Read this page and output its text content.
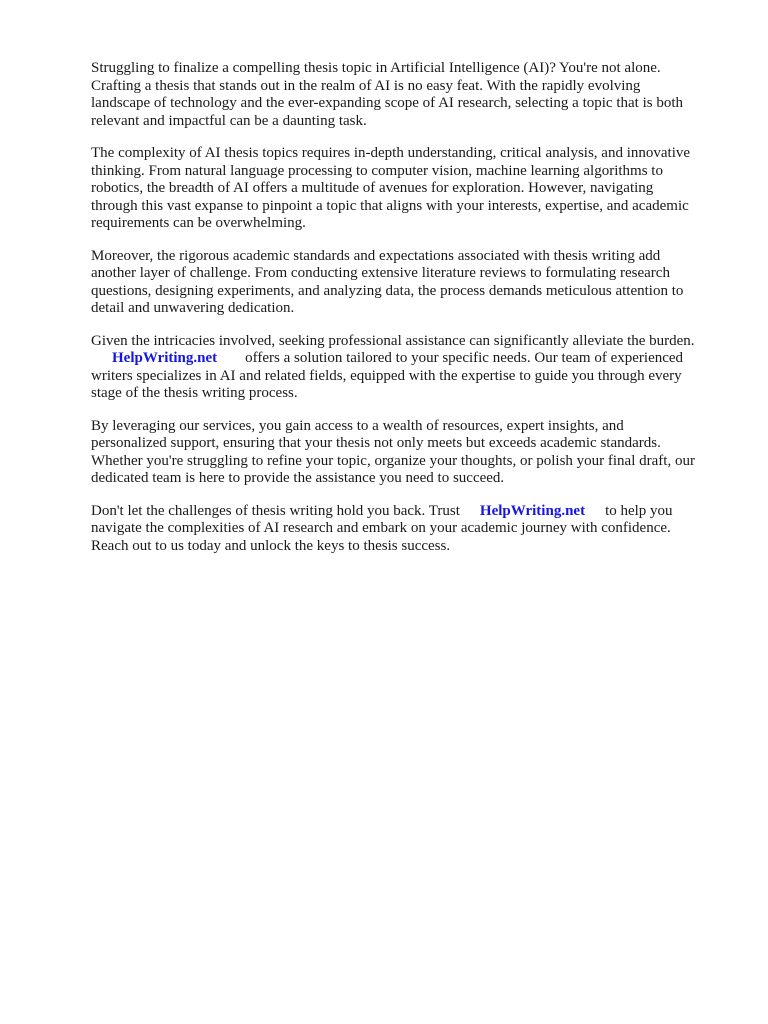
Struggling to finalize a compelling thesis topic in Artificial Intelligence (AI)? You're not alone.
Crafting a thesis that stands out in the realm of AI is no easy feat. With the rapidly evolving
landscape of technology and the ever-expanding scope of AI research, selecting a topic that is both
relevant and impactful can be a daunting task.

The complexity of AI thesis topics requires in-depth understanding, critical analysis, and innovative
thinking. From natural language processing to computer vision, machine learning algorithms to
robotics, the breadth of AI offers a multitude of avenues for exploration. However, navigating
through this vast expanse to pinpoint a topic that aligns with your interests, expertise, and academic
requirements can be overwhelming.

Moreover, the rigorous academic standards and expectations associated with thesis writing add
another layer of challenge. From conducting extensive literature reviews to formulating research
questions, designing experiments, and analyzing data, the process demands meticulous attention to
detail and unwavering dedication.

Given the intricacies involved, seeking professional assistance can significantly alleviate the burden.
HelpWriting.net offers a solution tailored to your specific needs. Our team of experienced
writers specializes in AI and related fields, equipped with the expertise to guide you through every
stage of the thesis writing process.

By leveraging our services, you gain access to a wealth of resources, expert insights, and
personalized support, ensuring that your thesis not only meets but exceeds academic standards.
Whether you're struggling to refine your topic, organize your thoughts, or polish your final draft, our
dedicated team is here to provide the assistance you need to succeed.

Don't let the challenges of thesis writing hold you back. Trust HelpWriting.net to help you
navigate the complexities of AI research and embark on your academic journey with confidence.
Reach out to us today and unlock the keys to thesis success.
